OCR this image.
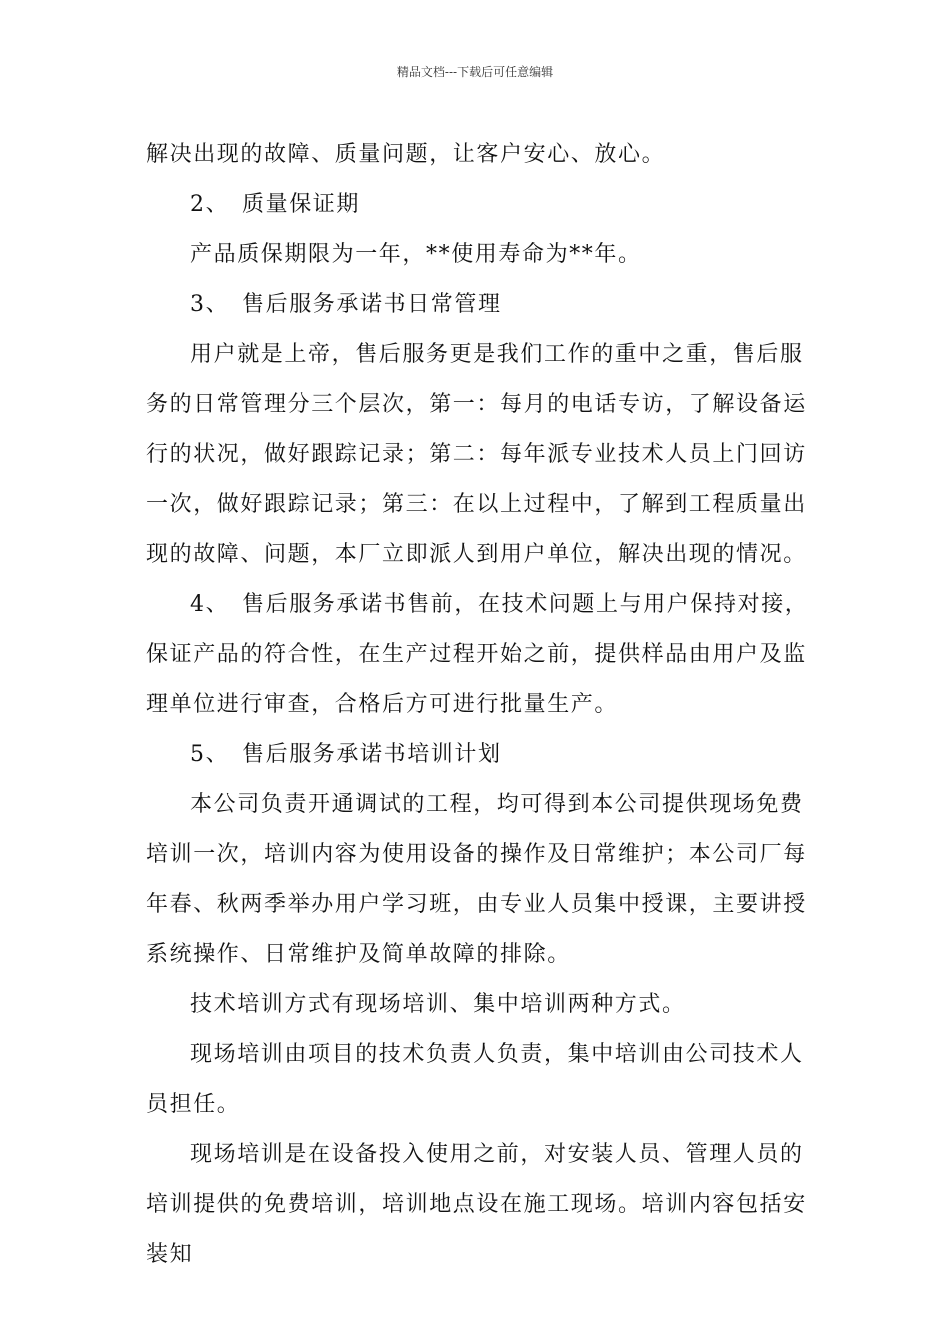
精品文档---下载后可任意编辑

解决出现的故障、质量问题，让客户安心、放心。

2、 质量保证期

产品质保期限为一年，**使用寿命为**年。

3、 售后服务承诺书日常管理

用户就是上帝，售后服务更是我们工作的重中之重，售后服务的日常管理分三个层次，第一：每月的电话专访，了解设备运行的状况，做好跟踪记录；第二：每年派专业技术人员上门回访一次，做好跟踪记录；第三：在以上过程中，了解到工程质量出现的故障、问题，本厂立即派人到用户单位，解决出现的情况。

4、 售后服务承诺书售前，在技术问题上与用户保持对接，保证产品的符合性，在生产过程开始之前，提供样品由用户及监理单位进行审查，合格后方可进行批量生产。

5、 售后服务承诺书培训计划

本公司负责开通调试的工程，均可得到本公司提供现场免费培训一次，培训内容为使用设备的操作及日常维护；本公司厂每年春、秋两季举办用户学习班，由专业人员集中授课，主要讲授系统操作、日常维护及简单故障的排除。

技术培训方式有现场培训、集中培训两种方式。

现场培训由项目的技术负责人负责，集中培训由公司技术人员担任。

现场培训是在设备投入使用之前，对安装人员、管理人员的培训提供的免费培训，培训地点设在施工现场。培训内容包括安装知
